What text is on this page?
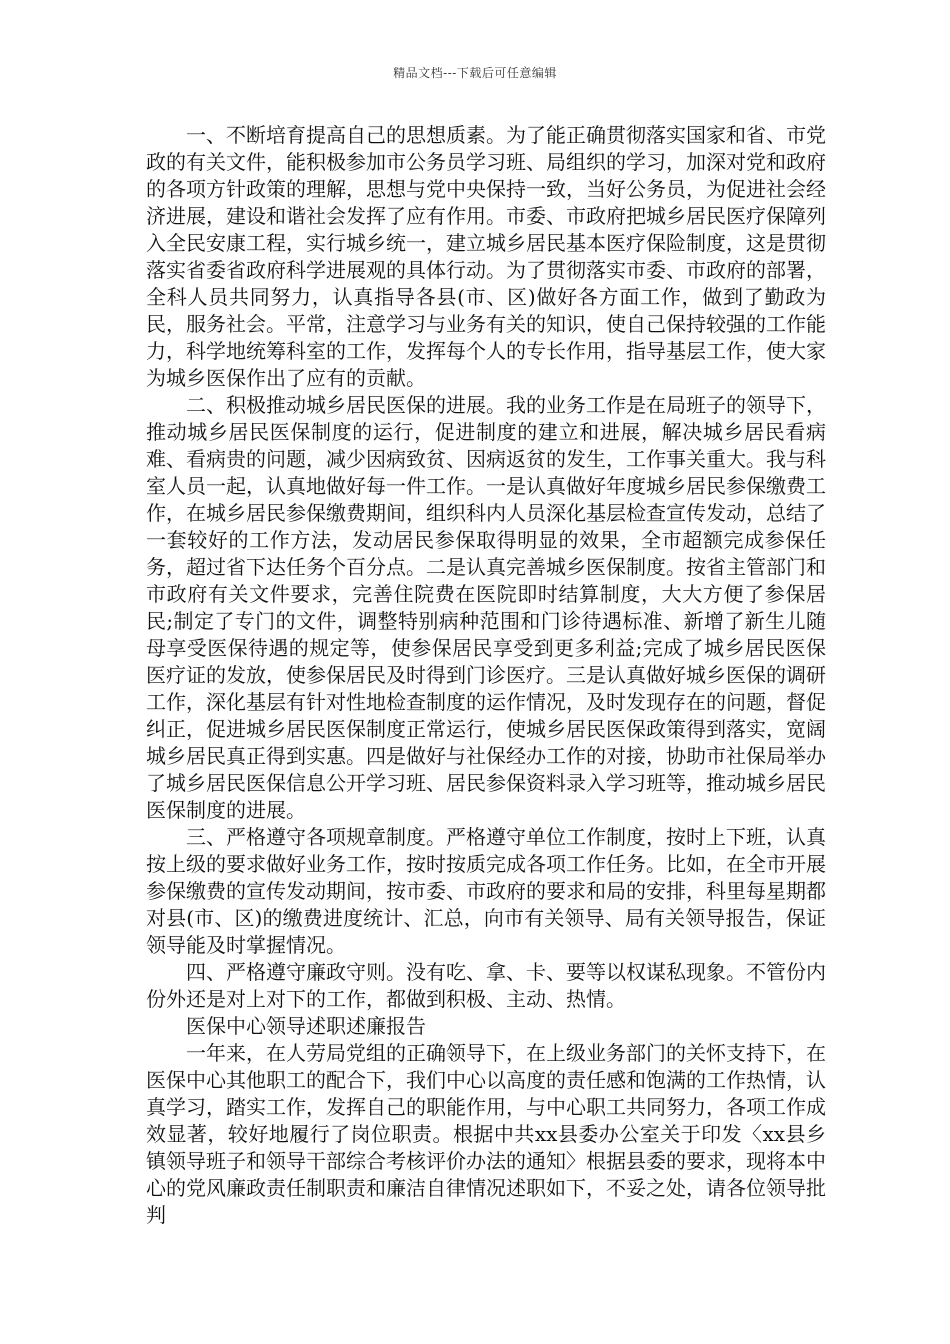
精品文档---下载后可任意编辑

一、不断培育提高自己的思想质素。为了能正确贯彻落实国家和省、市党政的有关文件，能积极参加市公务员学习班、局组织的学习，加深对党和政府的各项方针政策的理解，思想与党中央保持一致，当好公务员，为促进社会经济进展，建设和谐社会发挥了应有作用。市委、市政府把城乡居民医疗保障列入全民安康工程，实行城乡统一，建立城乡居民基本医疗保险制度，这是贯彻落实省委省政府科学进展观的具体行动。为了贯彻落实市委、市政府的部署，全科人员共同努力，认真指导各县(市、区)做好各方面工作，做到了勤政为民，服务社会。平常，注意学习与业务有关的知识，使自己保持较强的工作能力，科学地统筹科室的工作，发挥每个人的专长作用，指导基层工作，使大家为城乡医保作出了应有的贡献。

二、积极推动城乡居民医保的进展。我的业务工作是在局班子的领导下，推动城乡居民医保制度的运行，促进制度的建立和进展，解决城乡居民看病难、看病贵的问题，减少因病致贫、因病返贫的发生，工作事关重大。我与科室人员一起，认真地做好每一件工作。一是认真做好年度城乡居民参保缴费工作，在城乡居民参保缴费期间，组织科内人员深化基层检查宣传发动，总结了一套较好的工作方法，发动居民参保取得明显的效果，全市超额完成参保任务，超过省下达任务个百分点。二是认真完善城乡医保制度。按省主管部门和市政府有关文件要求，完善住院费在医院即时结算制度，大大方便了参保居民;制定了专门的文件，调整特别病种范围和门诊待遇标准、新增了新生儿随母享受医保待遇的规定等，使参保居民享受到更多利益;完成了城乡居民医保医疗证的发放，使参保居民及时得到门诊医疗。三是认真做好城乡医保的调研工作，深化基层有针对性地检查制度的运作情况，及时发现存在的问题，督促纠正，促进城乡居民医保制度正常运行，使城乡居民医保政策得到落实，宽阔城乡居民真正得到实惠。四是做好与社保经办工作的对接，协助市社保局举办了城乡居民医保信息公开学习班、居民参保资料录入学习班等，推动城乡居民医保制度的进展。

三、严格遵守各项规章制度。严格遵守单位工作制度，按时上下班，认真按上级的要求做好业务工作，按时按质完成各项工作任务。比如，在全市开展参保缴费的宣传发动期间，按市委、市政府的要求和局的安排，科里每星期都对县(市、区)的缴费进度统计、汇总，向市有关领导、局有关领导报告，保证领导能及时掌握情况。

四、严格遵守廉政守则。没有吃、拿、卡、要等以权谋私现象。不管份内份外还是对上对下的工作，都做到积极、主动、热情。

医保中心领导述职述廉报告

一年来，在人劳局党组的正确领导下，在上级业务部门的关怀支持下，在医保中心其他职工的配合下，我们中心以高度的责任感和饱满的工作热情，认真学习，踏实工作，发挥自己的职能作用，与中心职工共同努力，各项工作成效显著，较好地履行了岗位职责。根据中共xx县委办公室关于印发〈xx县乡镇领导班子和领导干部综合考核评价办法的通知〉根据县委的要求，现将本中心的党风廉政责任制职责和廉洁自律情况述职如下，不妥之处，请各位领导批判
